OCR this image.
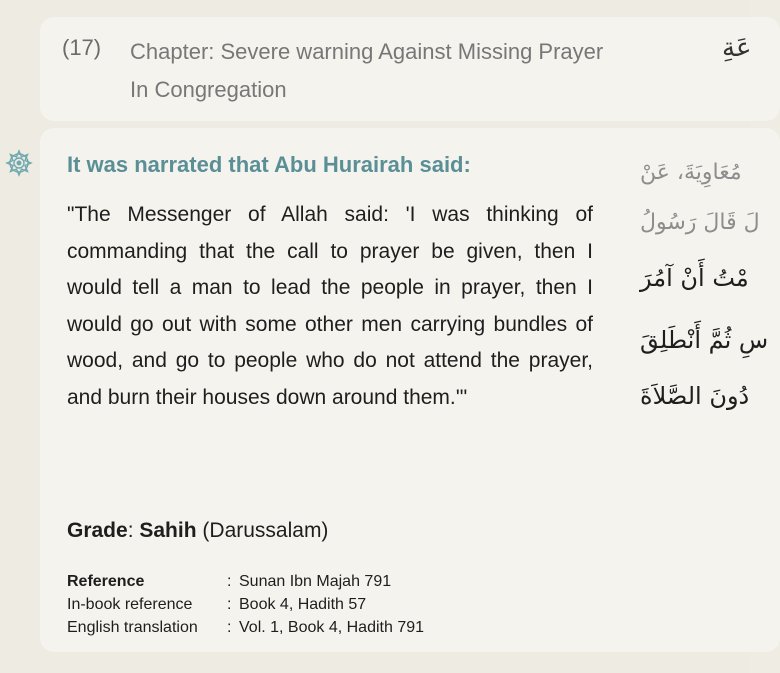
(17) Chapter: Severe warning Against Missing Prayer In Congregation
عَةِ
It was narrated that Abu Hurairah said:
"The Messenger of Allah said: 'I was thinking of commanding that the call to prayer be given, then I would tell a man to lead the people in prayer, then I would go out with some other men carrying bundles of wood, and go to people who do not attend the prayer, and burn their houses down around them.'"
مُعَاوِيَةَ، عَنْ
لَ قَالَ رَسُولُ
مْتُ أَنْ آمُرَ
سِ ثُمَّ أَنْطَلِقَ
دُونَ الصَّلاَةَ
Grade: Sahih (Darussalam)
Reference	: Sunan Ibn Majah 791
In-book reference	: Book 4, Hadith 57
English translation	: Vol. 1, Book 4, Hadith 791
